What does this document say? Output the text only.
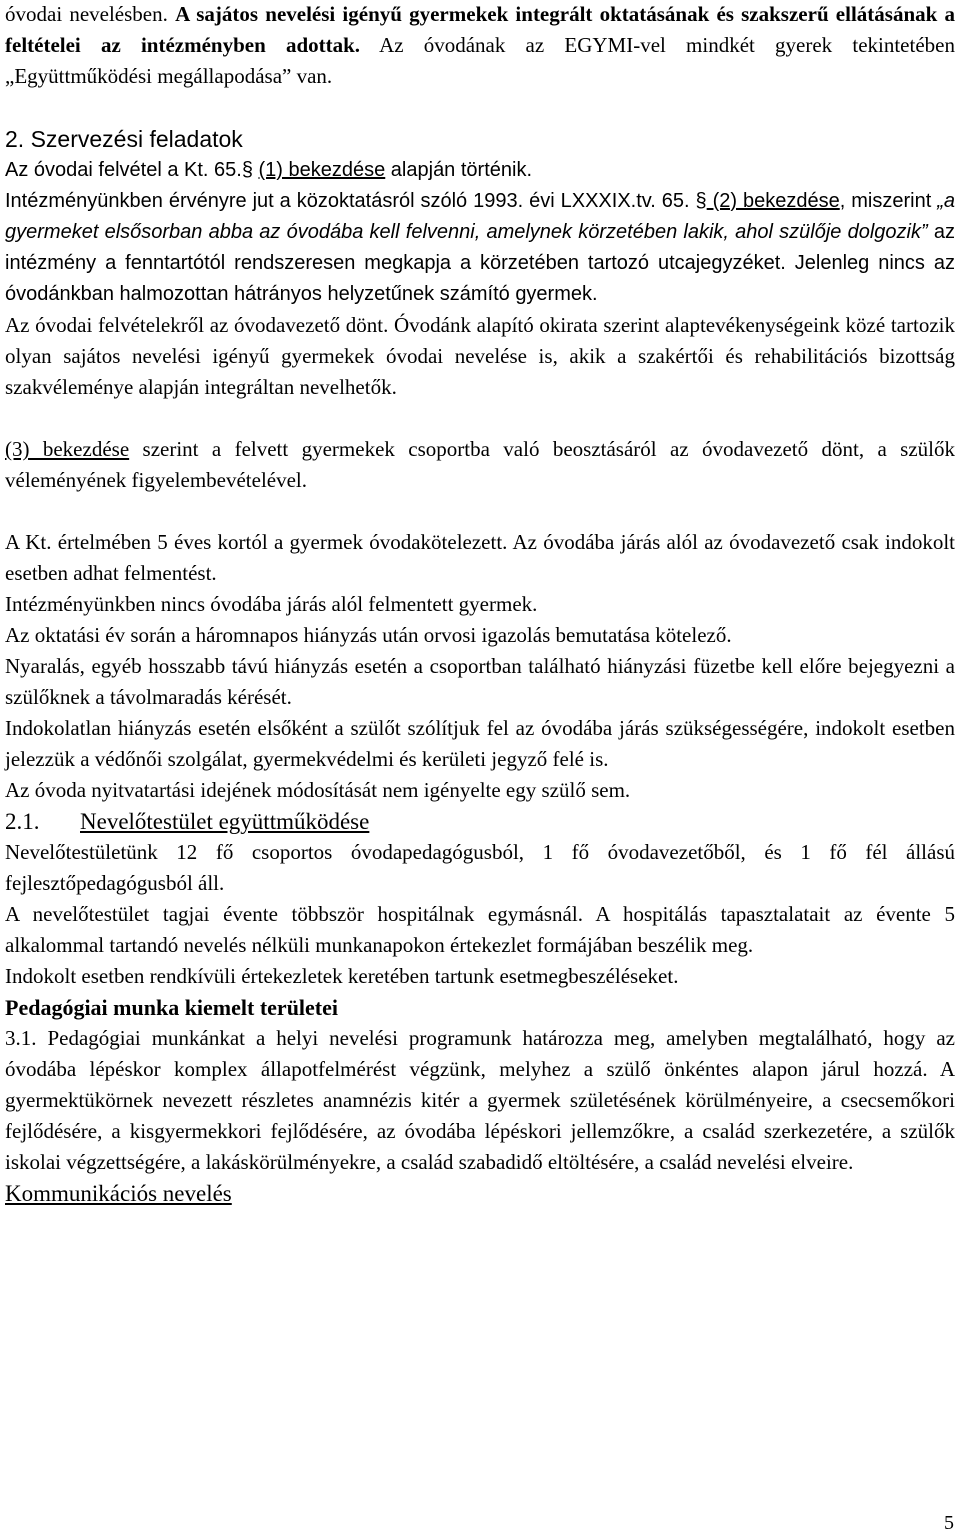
óvodai nevelésben. A sajátos nevelési igényű gyermekek integrált oktatásának és szakszerű ellátásának a feltételei az intézményben adottak. Az óvodának az EGYMI-vel mindkét gyerek tekintetében „Együttműködési megállapodása” van.

2. Szervezési feladatok

Az óvodai felvétel a Kt. 65.§ (1) bekezdése alapján történik.

Intézményünkben érvényre jut a közoktatásról szóló 1993. évi LXXXIX.tv. 65. § (2) bekezdése, miszerint „a gyermeket elsősorban abba az óvodába kell felvenni, amelynek körzetében lakik, ahol szülője dolgozik” az intézmény a fenntartótól rendszeresen megkapja a körzetében tartozó utcajegyzéket. Jelenleg nincs az óvodánkban halmozottan hátrányos helyzetűnek számító gyermek.

Az óvodai felvételekről az óvodavezető dönt. Óvodánk alapító okirata szerint alaptevékenységeink közé tartozik olyan sajátos nevelési igényű gyermekek óvodai nevelése is, akik a szakértői és rehabilitációs bizottság szakvéleménye alapján integráltan nevelhetők.

(3) bekezdése szerint a felvett gyermekek csoportba való beosztásáról az óvodavezető dönt, a szülők véleményének figyelembevételével.

A Kt. értelmében 5 éves kortól a gyermek óvodakötelezett. Az óvodába járás alól az óvodavezető csak indokolt esetben adhat felmentést.

Intézményünkben nincs óvodába járás alól felmentett gyermek.

Az oktatási év során a háromnapos hiányzás után orvosi igazolás bemutatása kötelező.

Nyaralás, egyéb hosszabb távú hiányzás esetén a csoportban található hiányzási füzetbe kell előre bejegyezni a szülőknek a távolmaradás kérését.

Indokolatlan hiányzás esetén elsőként a szülőt szólítjuk fel az óvodába járás szükségességére, indokolt esetben jelezzük a védőnői szolgálat, gyermekvédelmi és kerületi jegyző felé is.

Az óvoda nyitvatartási idejének módosítását nem igényelte egy szülő sem.

2.1. Nevelőtestület együttműködése

Nevelőtestületünk 12 fő csoportos óvodapedagógusból, 1 fő óvodavezetőből, és 1 fő fél állású fejlesztőpedagógusból áll.

A nevelőtestület tagjai évente többször hospitálnak egymásnál. A hospitálás tapasztalatait az évente 5 alkalommal tartandó nevelés nélküli munkanapokon értekezlet formájában beszélik meg.

Indokolt esetben rendkívüli értekezletek keretében tartunk esetmegbeszéléseket.

Pedagógiai munka kiemelt területei

3.1. Pedagógiai munkánkat a helyi nevelési programunk határozza meg, amelyben megtalálható, hogy az óvodába lépéskor komplex állapotfelmérést végzünk, melyhez a szülő önkéntes alapon járul hozzá. A gyermektükörnek nevezett részletes anamnézis kitér a gyermek születésének körülményeire, a csecsemőkori fejlődésére, a kisgyermekkori fejlődésére, az óvodába lépéskori jellemzőkre, a család szerkezetére, a szülők iskolai végzettségére, a lakáskörülményekre, a család szabadidő eltöltésére, a család nevelési elveire.

Kommunikációs nevelés
5
